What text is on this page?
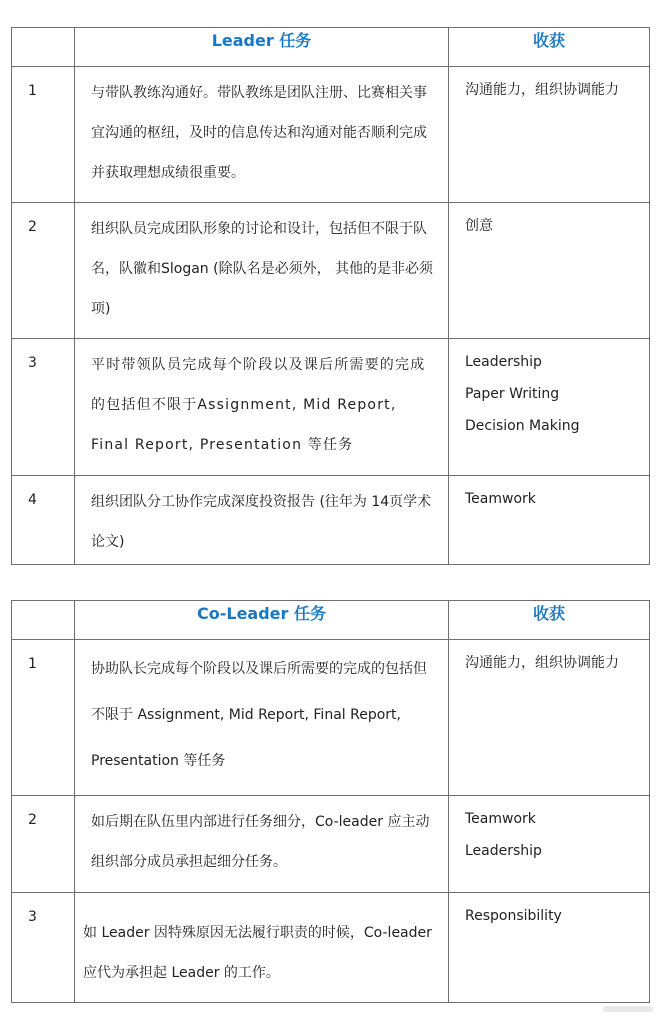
	Leader 任务	收获
1	与带队教练沟通好。带队教练是团队注册、比赛相关事宜沟通的枢纽，及时的信息传达和沟通对能否顺利完成并获取理想成绩很重要。	沟通能力，组织协调能力

2	组织队员完成团队形象的讨论和设计，包括但不限于队名，队徽和Slogan (除队名是必须外， 其他的是非必须项)	创意

3	平时带领队员完成每个阶段以及课后所需要的完成的包括但不限于Assignment, Mid Report, Final Report, Presentation 等任务	Leadership
Paper Writing
Decision Making

4	组织团队分工协作完成深度投资报告 (往年为 14页学术论文)	Teamwork
	Co-Leader 任务	收获
1	协助队长完成每个阶段以及课后所需要的完成的包括但不限于 Assignment, Mid Report, Final Report, Presentation 等任务	沟通能力，组织协调能力

2	如后期在队伍里内部进行任务细分，Co-leader 应主动组织部分成员承担起细分任务。	Teamwork
Leadership

3	如 Leader 因特殊原因无法履行职责的时候，Co-leader 应代为承担起 Leader 的工作。	Responsibility
